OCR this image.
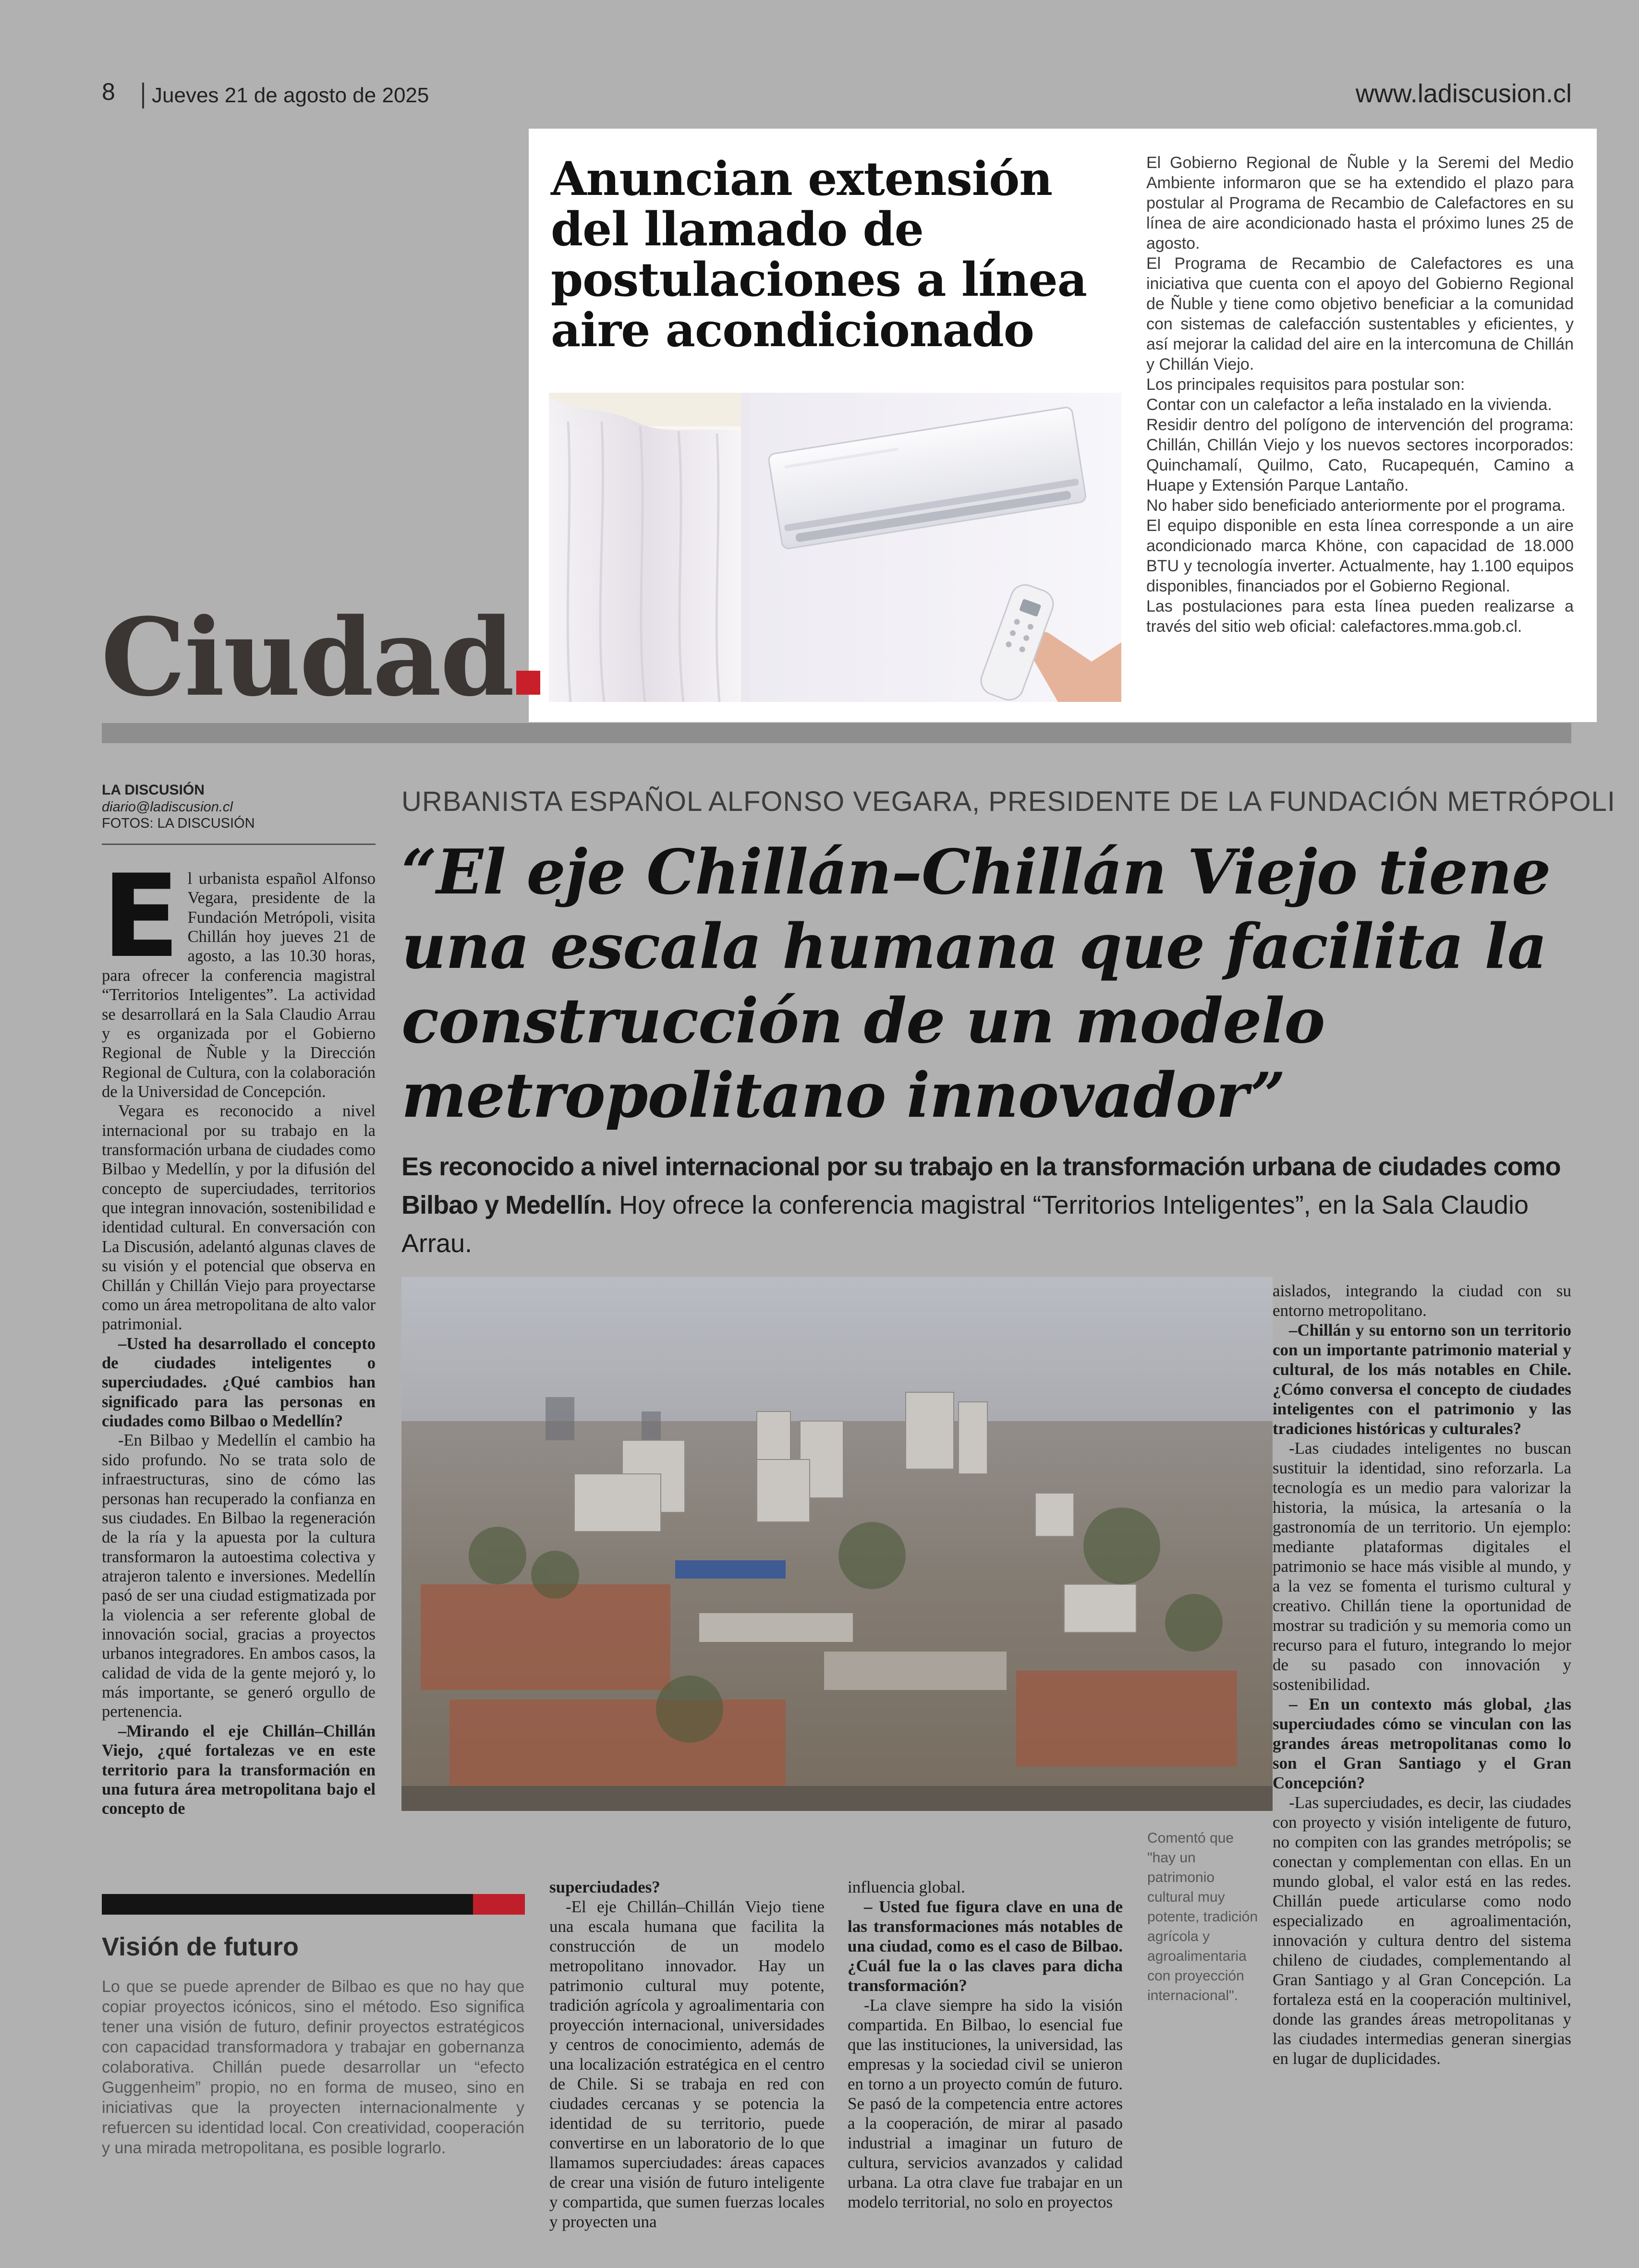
8 Jueves 21 de agosto de 2025	www.ladiscusion.cl
Anuncian extensión del llamado de postulaciones a línea aire acondicionado

El Gobierno Regional de Ñuble y la Seremi del Medio Ambiente informaron que se ha extendido el plazo para postular al Programa de Recambio de Calefactores en su línea de aire acondicionado hasta el próximo lunes 25 de agosto.

El Programa de Recambio de Calefactores es una iniciativa que cuenta con el apoyo del Gobierno Regional de Ñuble y tiene como objetivo beneficiar a la comunidad con sistemas de calefacción sustentables y eficientes, y así mejorar la calidad del aire en la intercomuna de Chillán y Chillán Viejo.

Los principales requisitos para postular son:

Contar con un calefactor a leña instalado en la vivienda.

Residir dentro del polígono de intervención del programa: Chillán, Chillán Viejo y los nuevos sectores incorporados: Quinchamalí, Quilmo, Cato, Rucapequén, Camino a Huape y Extensión Parque Lantaño.

No haber sido beneficiado anteriormente por el programa.

El equipo disponible en esta línea corresponde a un aire acondicionado marca Khöne, con capacidad de 18.000 BTU y tecnología inverter. Actualmente, hay 1.100 equipos disponibles, financiados por el Gobierno Regional.

Las postulaciones para esta línea pueden realizarse a través del sitio web oficial: calefactores.mma.gob.cl.

Ciudad
LA DISCUSIÓN
diario@ladiscusion.cl
FOTOS: LA DISCUSIÓN
URBANISTA ESPAÑOL ALFONSO VEGARA, PRESIDENTE DE LA FUNDACIÓN METRÓPOLI
“El eje Chillán–Chillán Viejo tiene una escala humana que facilita la construcción de un modelo metropolitano innovador”
Es reconocido a nivel internacional por su trabajo en la transformación urbana de ciudades como Bilbao y Medellín. Hoy ofrece la conferencia magistral “Territorios Inteligentes”, en la Sala Claudio Arrau.

El urbanista español Alfonso Vegara, presidente de la Fundación Metrópoli, visita Chillán hoy jueves 21 de agosto, a las 10.30 horas, para ofrecer la conferencia magistral “Territorios Inteligentes”. La actividad se desarrollará en la Sala Claudio Arrau y es organizada por el Gobierno Regional de Ñuble y la Dirección Regional de Cultura, con la colaboración de la Universidad de Concepción.

Vegara es reconocido a nivel internacional por su trabajo en la transformación urbana de ciudades como Bilbao y Medellín, y por la difusión del concepto de superciudades, territorios que integran innovación, sostenibilidad e identidad cultural. En conversación con La Discusión, adelantó algunas claves de su visión y el potencial que observa en Chillán y Chillán Viejo para proyectarse como un área metropolitana de alto valor patrimonial.

–Usted ha desarrollado el concepto de ciudades inteligentes o superciudades. ¿Qué cambios han significado para las personas en ciudades como Bilbao o Medellín?

-En Bilbao y Medellín el cambio ha sido profundo. No se trata solo de infraestructuras, sino de cómo las personas han recuperado la confianza en sus ciudades. En Bilbao la regeneración de la ría y la apuesta por la cultura transformaron la autoestima colectiva y atrajeron talento e inversiones. Medellín pasó de ser una ciudad estigmatizada por la violencia a ser referente global de innovación social, gracias a proyectos urbanos integradores. En ambos casos, la calidad de vida de la gente mejoró y, lo más importante, se generó orgullo de pertenencia.

–Mirando el eje Chillán–Chillán Viejo, ¿qué fortalezas ve en este territorio para la transformación en una futura área metropolitana bajo el concepto de

superciudades?

-El eje Chillán–Chillán Viejo tiene una escala humana que facilita la construcción de un modelo metropolitano innovador. Hay un patrimonio cultural muy potente, tradición agrícola y agroalimentaria con proyección internacional, universidades y centros de conocimiento, además de una localización estratégica en el centro de Chile. Si se trabaja en red con ciudades cercanas y se potencia la identidad de su territorio, puede convertirse en un laboratorio de lo que llamamos superciudades: áreas capaces de crear una visión de futuro inteligente y compartida, que sumen fuerzas locales y proyecten una

influencia global.

– Usted fue figura clave en una de las transformaciones más notables de una ciudad, como es el caso de Bilbao. ¿Cuál fue la o las claves para dicha transformación?

-La clave siempre ha sido la visión compartida. En Bilbao, lo esencial fue que las instituciones, la universidad, las empresas y la sociedad civil se unieron en torno a un proyecto común de futuro. Se pasó de la competencia entre actores a la cooperación, de mirar al pasado industrial a imaginar un futuro de cultura, servicios avanzados y calidad urbana. La otra clave fue trabajar en un modelo territorial, no solo en proyectos

Comentó que "hay un patrimonio cultural muy potente, tradición agrícola y agroalimentaria con proyección internacional".

aislados, integrando la ciudad con su entorno metropolitano.

–Chillán y su entorno son un territorio con un importante patrimonio material y cultural, de los más notables en Chile. ¿Cómo conversa el concepto de ciudades inteligentes con el patrimonio y las tradiciones históricas y culturales?

-Las ciudades inteligentes no buscan sustituir la identidad, sino reforzarla. La tecnología es un medio para valorizar la historia, la música, la artesanía o la gastronomía de un territorio. Un ejemplo: mediante plataformas digitales el patrimonio se hace más visible al mundo, y a la vez se fomenta el turismo cultural y creativo. Chillán tiene la oportunidad de mostrar su tradición y su memoria como un recurso para el futuro, integrando lo mejor de su pasado con innovación y sostenibilidad.

– En un contexto más global, ¿las superciudades cómo se vinculan con las grandes áreas metropolitanas como lo son el Gran Santiago y el Gran Concepción?

-Las superciudades, es decir, las ciudades con proyecto y visión inteligente de futuro, no compiten con las grandes metrópolis; se conectan y complementan con ellas. En un mundo global, el valor está en las redes. Chillán puede articularse como nodo especializado en agroalimentación, innovación y cultura dentro del sistema chileno de ciudades, complementando al Gran Santiago y al Gran Concepción. La fortaleza está en la cooperación multinivel, donde las grandes áreas metropolitanas y las ciudades intermedias generan sinergias en lugar de duplicidades.

Visión de futuro
Lo que se puede aprender de Bilbao es que no hay que copiar proyectos icónicos, sino el método. Eso significa tener una visión de futuro, definir proyectos estratégicos con capacidad transformadora y trabajar en gobernanza colaborativa. Chillán puede desarrollar un “efecto Guggenheim” propio, no en forma de museo, sino en iniciativas que la proyecten internacionalmente y refuercen su identidad local. Con creatividad, cooperación y una mirada metropolitana, es posible lograrlo.
